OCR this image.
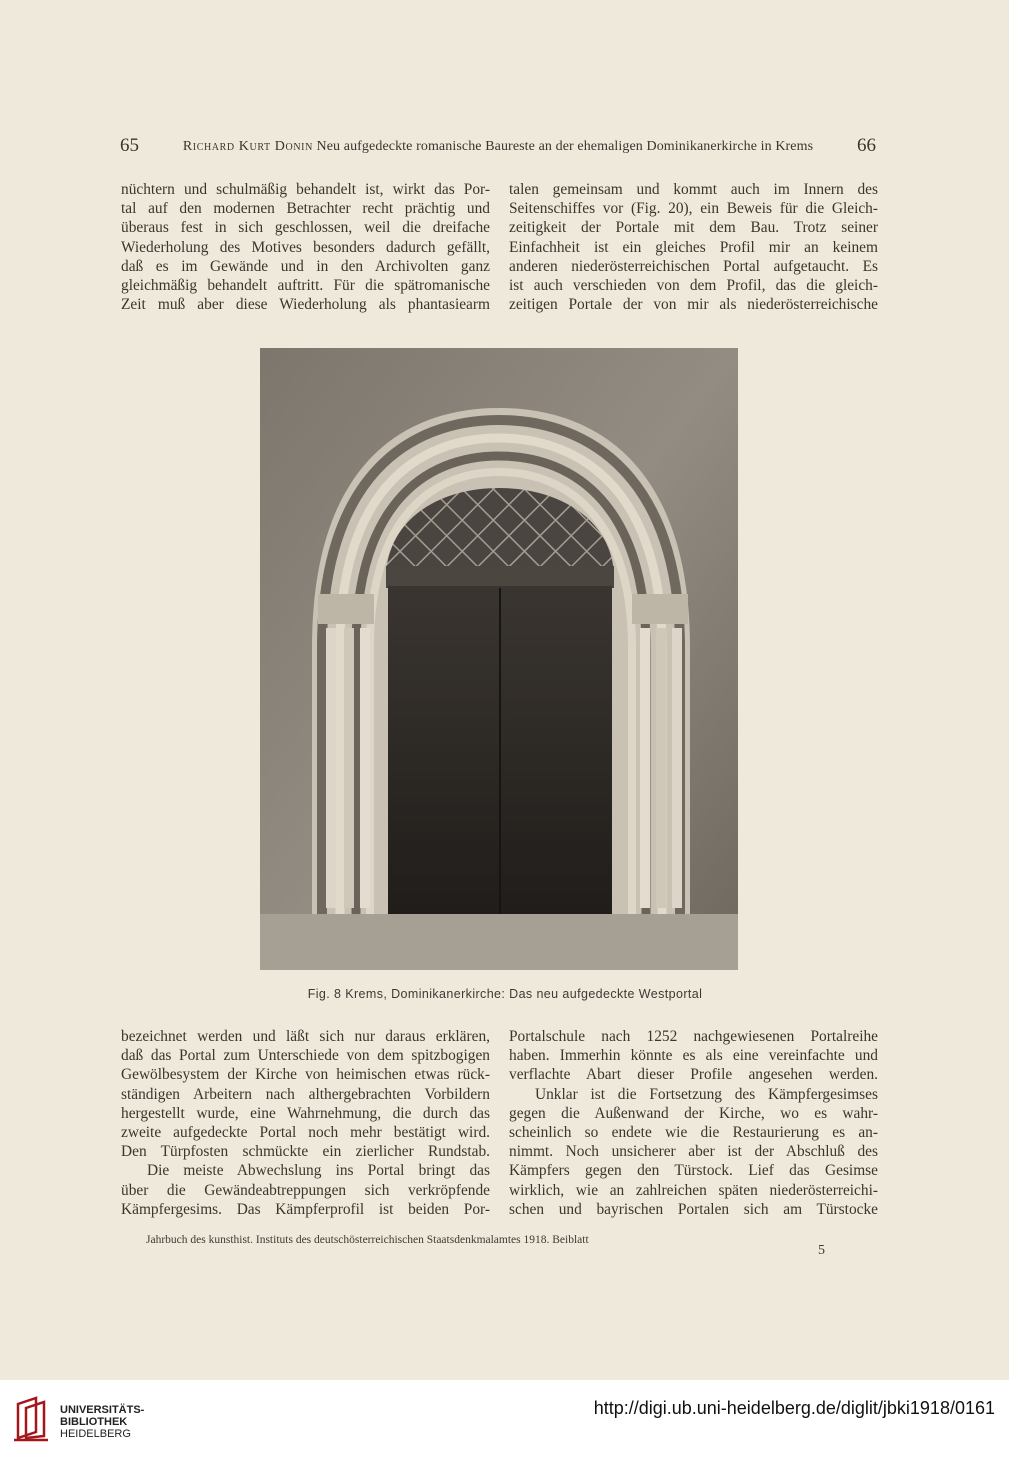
65	Richard Kurt Donin Neu aufgedeckte romanische Baureste an der ehemaligen Dominikanerkirche in Krems	66
nüchtern und schulmäßig behandelt ist, wirkt das Por-
tal auf den modernen Betrachter recht prächtig und
überaus fest in sich geschlossen, weil die dreifache
Wiederholung des Motives besonders dadurch gefällt,
daß es im Gewände und in den Archivolten ganz
gleichmäßig behandelt auftritt. Für die spätromanische
Zeit muß aber diese Wiederholung als phantasiearm
talen gemeinsam und kommt auch im Innern des
Seitenschiffes vor (Fig. 20), ein Beweis für die Gleich-
zeitigkeit der Portale mit dem Bau. Trotz seiner
Einfachheit ist ein gleiches Profil mir an keinem
anderen niederösterreichischen Portal aufgetaucht. Es
ist auch verschieden von dem Profil, das die gleich-
zeitigen Portale der von mir als niederösterreichische
Fig. 8 Krems, Dominikanerkirche: Das neu aufgedeckte Westportal
bezeichnet werden und läßt sich nur daraus erklären,
daß das Portal zum Unterschiede von dem spitzbogigen
Gewölbesystem der Kirche von heimischen etwas rück-
ständigen Arbeitern nach althergebrachten Vorbildern
hergestellt wurde, eine Wahrnehmung, die durch das
zweite aufgedeckte Portal noch mehr bestätigt wird.
Den Türpfosten schmückte ein zierlicher Rundstab.
Die meiste Abwechslung ins Portal bringt das
über die Gewändeabtreppungen sich verkröpfende
Kämpfergesims. Das Kämpferprofil ist beiden Por-
Portalschule nach 1252 nachgewiesenen Portalreihe
haben. Immerhin könnte es als eine vereinfachte und
verflachte Abart dieser Profile angesehen werden.
Unklar ist die Fortsetzung des Kämpfergesimses
gegen die Außenwand der Kirche, wo es wahr-
scheinlich so endete wie die Restaurierung es an-
nimmt. Noch unsicherer aber ist der Abschluß des
Kämpfers gegen den Türstock. Lief das Gesimse
wirklich, wie an zahlreichen späten niederösterreichi-
schen und bayrischen Portalen sich am Türstocke
Jahrbuch des kunsthist. Instituts des deutschösterreichischen Staatsdenkmalamtes 1918. Beiblatt
5
UNIVERSITÄTS-
BIBLIOTHEK
HEIDELBERG
http://digi.ub.uni-heidelberg.de/diglit/jbki1918/0161
